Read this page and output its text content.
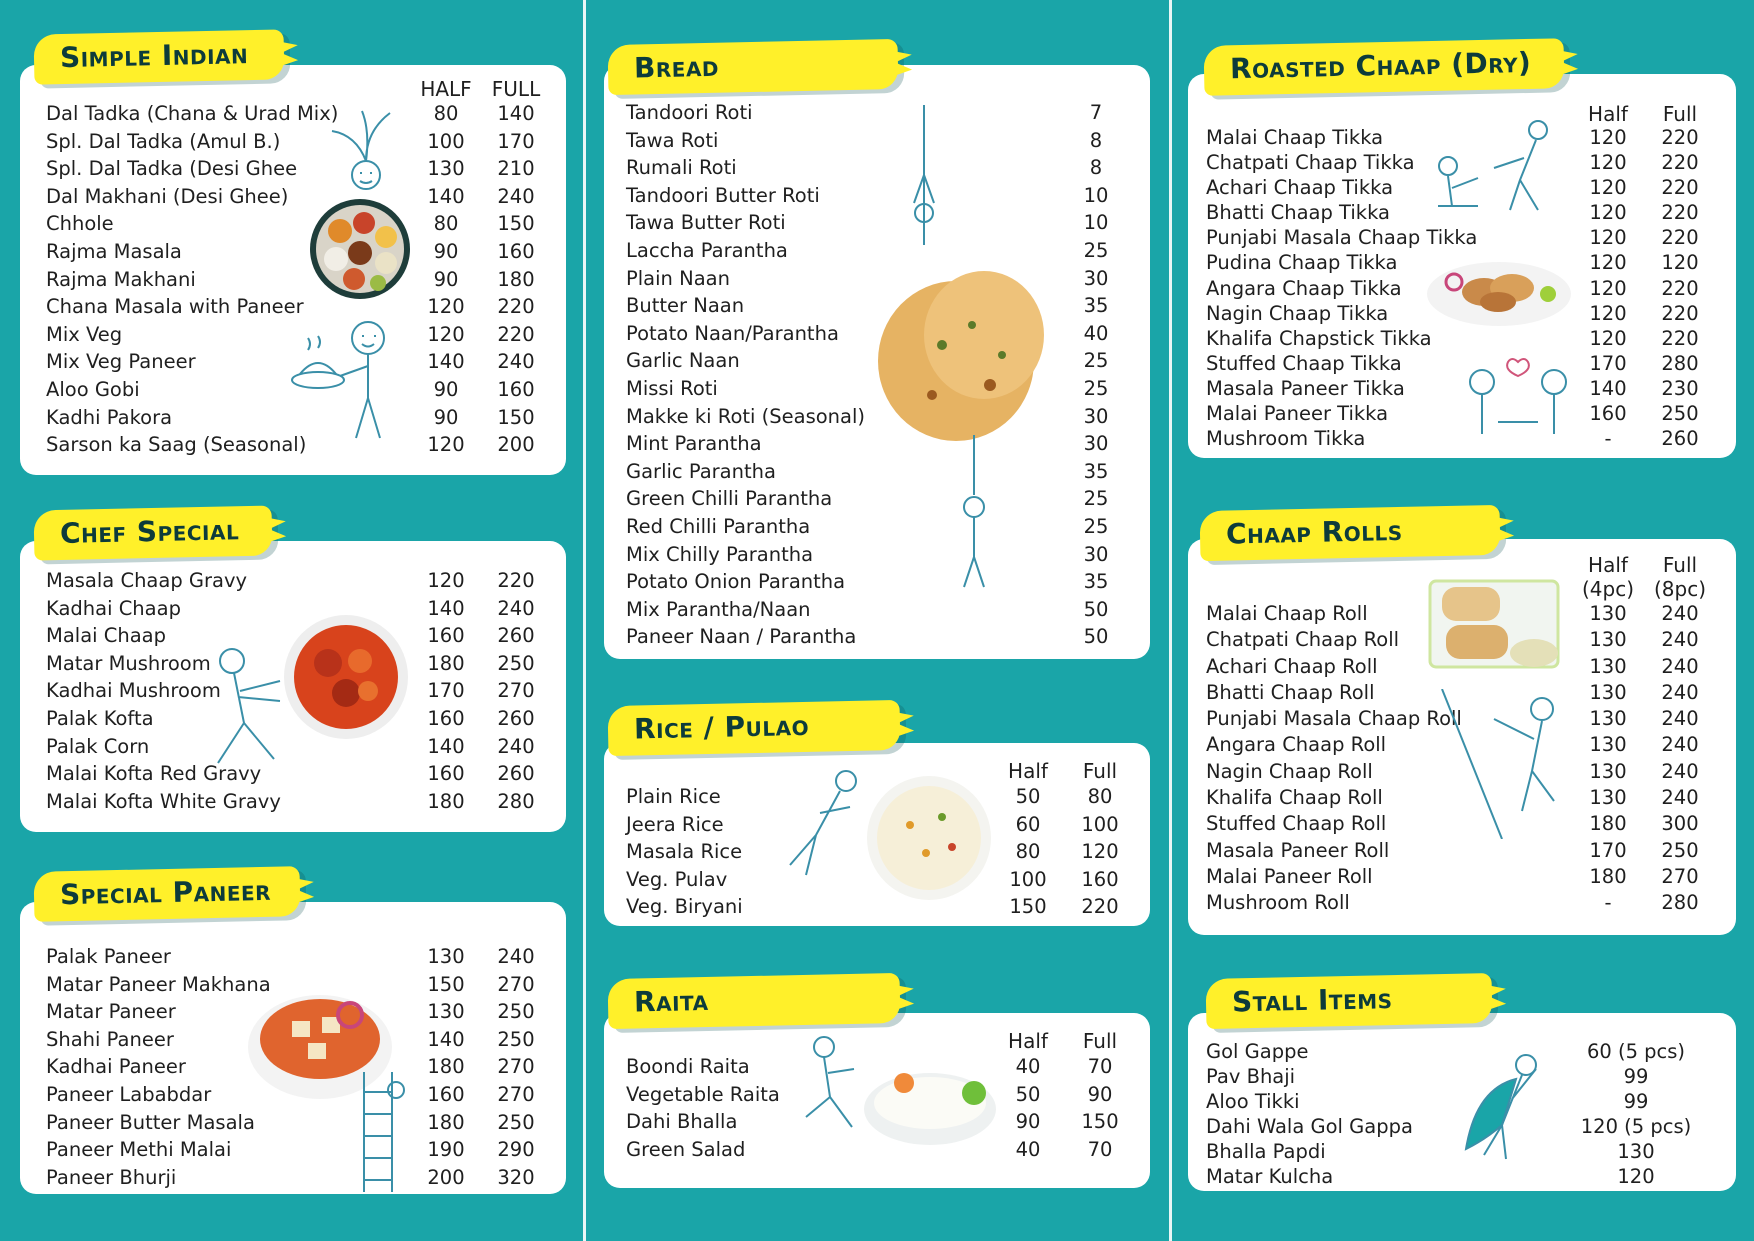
Simple Indian
HALF FULL
Dal Tadka (Chana & Urad Mix)	80	140
Spl. Dal Tadka (Amul B.)	100	170
Spl. Dal Tadka (Desi Ghee	130	210
Dal Makhani (Desi Ghee)	140	240
Chhole	80	150
Rajma Masala	90	160
Rajma Makhani	90	180
Chana Masala with Paneer	120	220
Mix Veg	120	220
Mix Veg Paneer	140	240
Aloo Gobi	90	160
Kadhi Pakora	90	150
Sarson ka Saag (Seasonal)	120	200
Chef Special
Masala Chaap Gravy	120	220
Kadhai Chaap	140	240
Malai Chaap	160	260
Matar Mushroom	180	250
Kadhai Mushroom	170	270
Palak Kofta	160	260
Palak Corn	140	240
Malai Kofta Red Gravy	160	260
Malai Kofta White Gravy	180	280
Special Paneer
Palak Paneer	130	240
Matar Paneer Makhana	150	270
Matar Paneer	130	250
Shahi Paneer	140	250
Kadhai Paneer	180	270
Paneer Lababdar	160	270
Paneer Butter Masala	180	250
Paneer Methi Malai	190	290
Paneer Bhurji	200	320
Bread
Tandoori Roti	7
Tawa Roti	8
Rumali Roti	8
Tandoori Butter Roti	10
Tawa Butter Roti	10
Laccha Parantha	25
Plain Naan	30
Butter Naan	35
Potato Naan/Parantha	40
Garlic Naan	25
Missi Roti	25
Makke ki Roti (Seasonal)	30
Mint Parantha	30
Garlic Parantha	35
Green Chilli Parantha	25
Red Chilli Parantha	25
Mix Chilly Parantha	30
Potato Onion Parantha	35
Mix Parantha/Naan	50
Paneer Naan / Parantha	50
Rice / Pulao
Half	Full
Plain Rice	50	80
Jeera Rice	60	100
Masala Rice	80	120
Veg. Pulav	100	160
Veg. Biryani	150	220
Raita
Half	Full
Boondi Raita	40	70
Vegetable Raita	50	90
Dahi Bhalla	90	150
Green Salad	40	70
Roasted Chaap (Dry)
Half	Full
Malai Chaap Tikka	120	220
Chatpati Chaap Tikka	120	220
Achari Chaap Tikka	120	220
Bhatti Chaap Tikka	120	220
Punjabi Masala Chaap Tikka	120	220
Pudina Chaap Tikka	120	120
Angara Chaap Tikka	120	220
Nagin Chaap Tikka	120	220
Khalifa Chapstick Tikka	120	220
Stuffed Chaap Tikka	170	280
Masala Paneer Tikka	140	230
Malai Paneer Tikka	160	250
Mushroom Tikka	-	260
Chaap Rolls
Half
(4pc)
Full
(8pc)
Malai Chaap Roll	130	240
Chatpati Chaap Roll	130	240
Achari Chaap Roll	130	240
Bhatti Chaap Roll	130	240
Punjabi Masala Chaap Roll	130	240
Angara Chaap Roll	130	240
Nagin Chaap Roll	130	240
Khalifa Chaap Roll	130	240
Stuffed Chaap Roll	180	300
Masala Paneer Roll	170	250
Malai Paneer Roll	180	270
Mushroom Roll	-	280
Stall Items
Gol Gappe	60 (5 pcs)
Pav Bhaji	99
Aloo Tikki	99
Dahi Wala Gol Gappa	120 (5 pcs)
Bhalla Papdi	130
Matar Kulcha	120
